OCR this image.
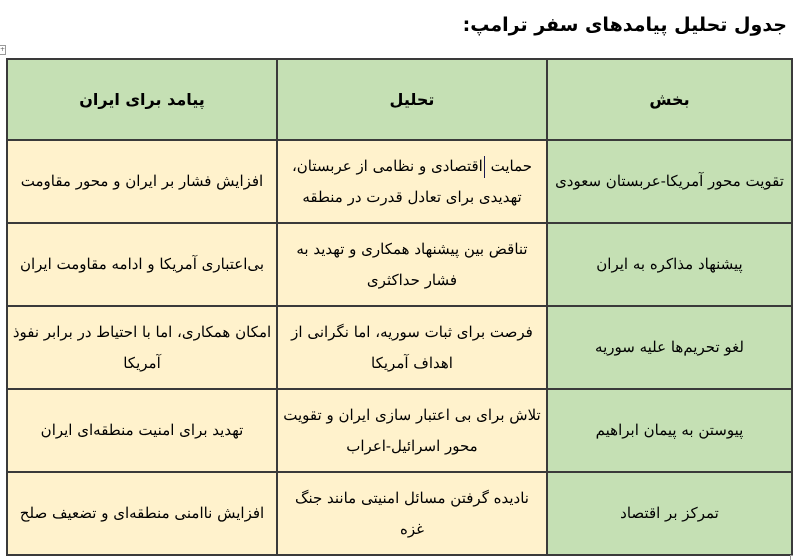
جدول تحلیل پیامدهای سفر ترامپ:
+
بخش	تحلیل	پیامد برای ایران
تقویت محور آمریکا-عربستان سعودی	حمایت اقتصادی و نظامی از عربستان، تهدیدی برای تعادل قدرت در منطقه	افزایش فشار بر ایران و محور مقاومت
پیشنهاد مذاکره به ایران	تناقض بین پیشنهاد همکاری و تهدید به فشار حداکثری	بی‌اعتباری آمریکا و ادامه مقاومت ایران
لغو تحریم‌ها علیه سوریه	فرصت برای ثبات سوریه، اما نگرانی از اهداف آمریکا	امکان همکاری، اما با احتیاط در برابر نفوذ آمریکا
پیوستن به پیمان ابراهیم	تلاش برای بی اعتبار سازی ایران و تقویت محور اسرائیل-اعراب	تهدید برای امنیت منطقه‌ای ایران
تمرکز بر اقتصاد	نادیده گرفتن مسائل امنیتی مانند جنگ غزه	افزایش ناامنی منطقه‌ای و تضعیف صلح
